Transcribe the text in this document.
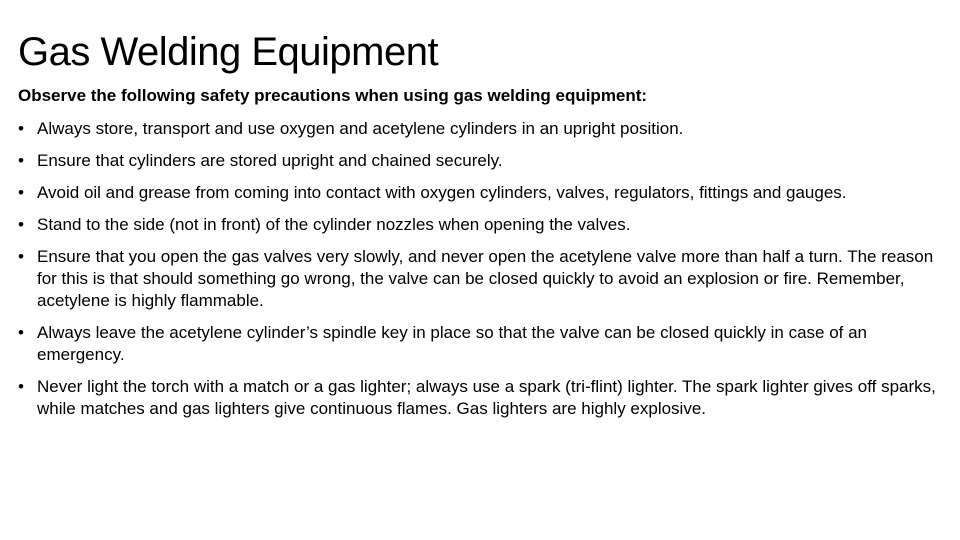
Gas Welding Equipment

Observe the following safety precautions when using gas welding equipment:

• Always store, transport and use oxygen and acetylene cylinders in an upright position.
• Ensure that cylinders are stored upright and chained securely.
• Avoid oil and grease from coming into contact with oxygen cylinders, valves, regulators, fittings and gauges.
• Stand to the side (not in front) of the cylinder nozzles when opening the valves.
• Ensure that you open the gas valves very slowly, and never open the acetylene valve more than half a turn. The reason for this is that should something go wrong, the valve can be closed quickly to avoid an explosion or fire. Remember, acetylene is highly flammable.
• Always leave the acetylene cylinder’s spindle key in place so that the valve can be closed quickly in case of an emergency.
• Never light the torch with a match or a gas lighter; always use a spark (tri-flint) lighter. The spark lighter gives off sparks, while matches and gas lighters give continuous flames. Gas lighters are highly explosive.
